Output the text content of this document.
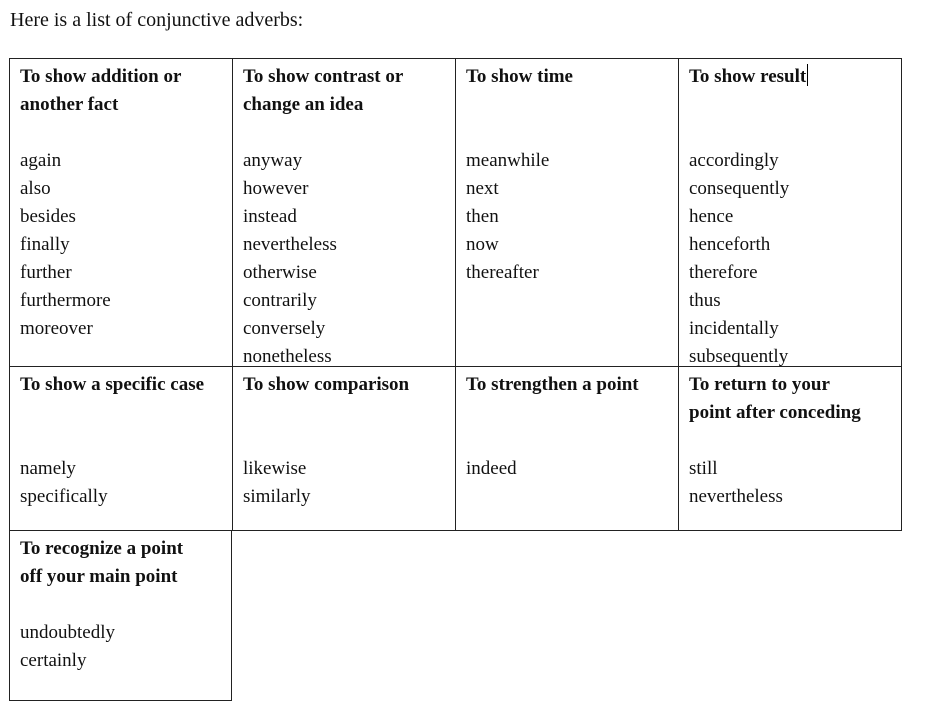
Here is a list of conjunctive adverbs:
To show addition or
another fact
again
also
besides
finally
further
furthermore
moreover
To show contrast or
change an idea
anyway
however
instead
nevertheless
otherwise
contrarily
conversely
nonetheless
To show time
meanwhile
next
then
now
thereafter
To show result
accordingly
consequently
hence
henceforth
therefore
thus
incidentally
subsequently
To show a specific case
namely
specifically
To show comparison
likewise
similarly
To strengthen a point
indeed
To return to your
point after conceding
still
nevertheless
To recognize a point
off your main point
undoubtedly
certainly
